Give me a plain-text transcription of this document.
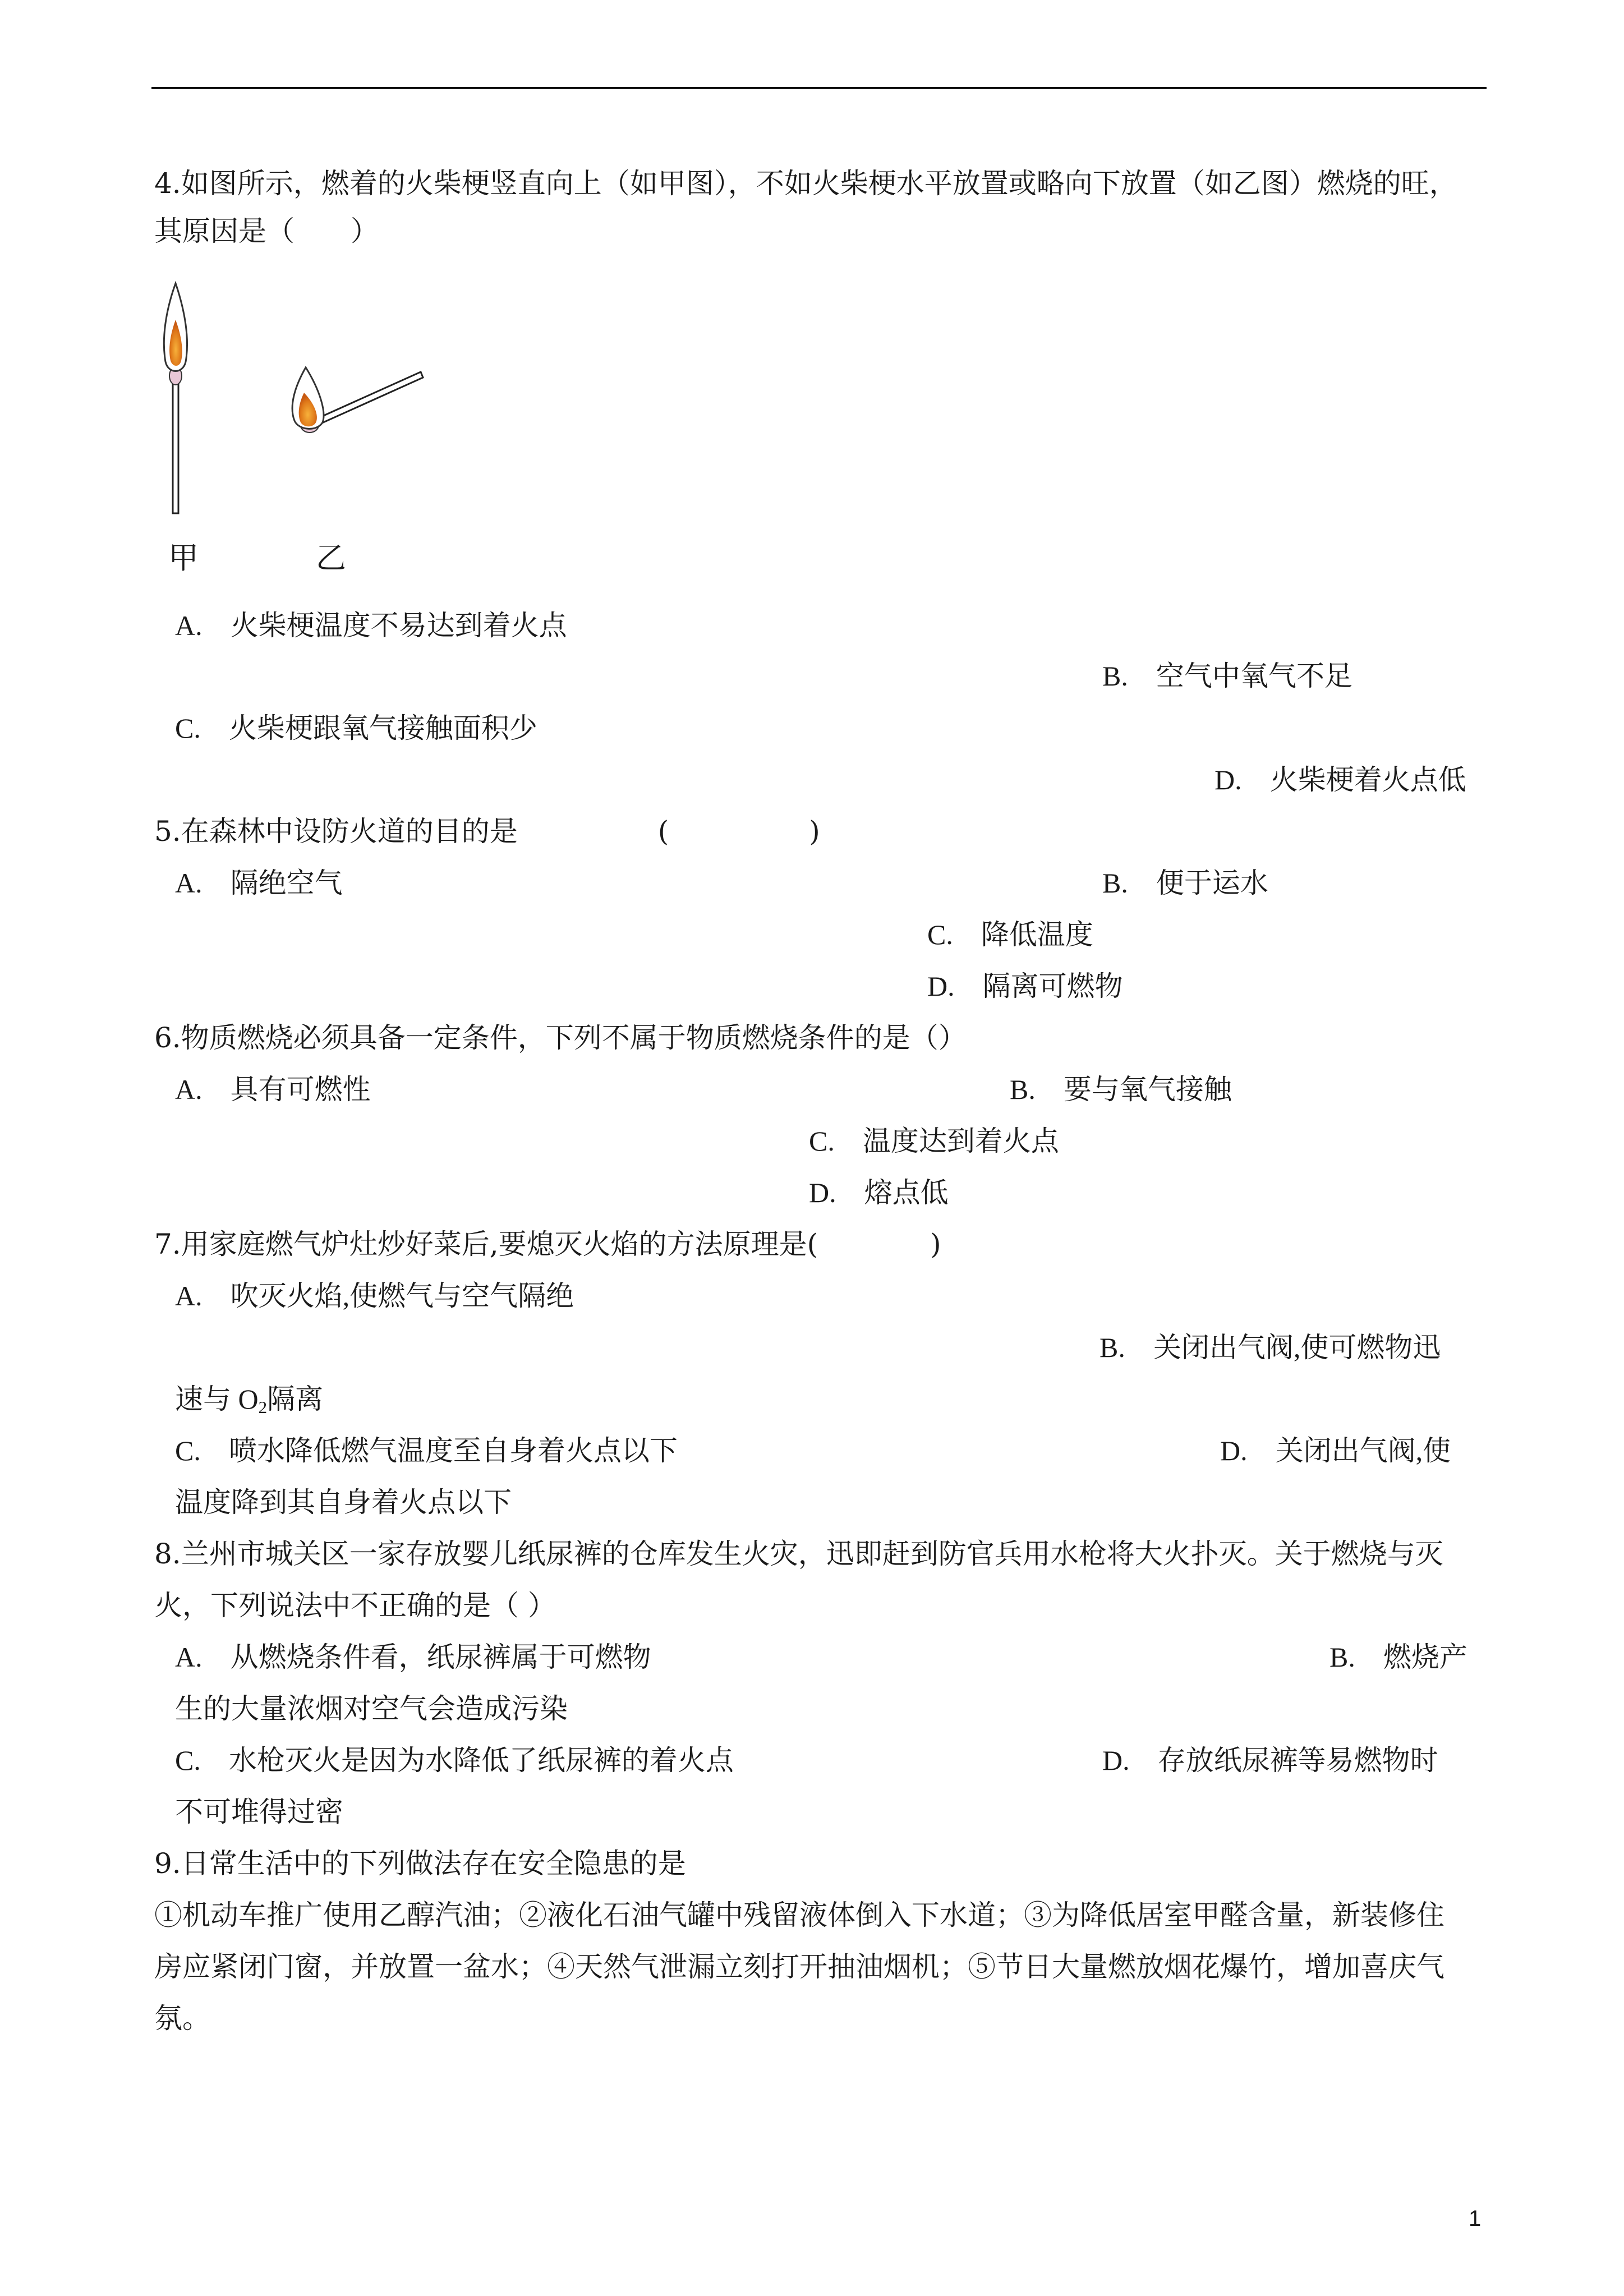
4.如图所示，燃着的火柴梗竖直向上（如甲图），不如火柴梗水平放置或略向下放置（如乙图）燃烧的旺，
其原因是（　　）
甲	乙
A.　火柴梗温度不易达到着火点
B.　空气中氧气不足
C.　火柴梗跟氧气接触面积少
D.　火柴梗着火点低
5.在森林中设防火道的目的是　　　　　(　　　　　)
A.　隔绝空气	B.　便于运水
C.　降低温度
D.　隔离可燃物
6.物质燃烧必须具备一定条件，下列不属于物质燃烧条件的是（）
A.　具有可燃性	B.　要与氧气接触
C.　温度达到着火点
D.　熔点低
7.用家庭燃气炉灶炒好菜后,要熄灭火焰的方法原理是(　　　　)
A.　吹灭火焰,使燃气与空气隔绝
B.　关闭出气阀,使可燃物迅
速与 $O_2$隔离
C.　喷水降低燃气温度至自身着火点以下	D.　关闭出气阀,使
温度降到其自身着火点以下
8.兰州市城关区一家存放婴儿纸尿裤的仓库发生火灾，迅即赶到防官兵用水枪将大火扑灭。关于燃烧与灭
火，下列说法中不正确的是（ ）
A.　从燃烧条件看，纸尿裤属于可燃物	B.　燃烧产
生的大量浓烟对空气会造成污染
C.　水枪灭火是因为水降低了纸尿裤的着火点	D.　存放纸尿裤等易燃物时
不可堆得过密
9.日常生活中的下列做法存在安全隐患的是
①机动车推广使用乙醇汽油；②液化石油气罐中残留液体倒入下水道；③为降低居室甲醛含量，新装修住
房应紧闭门窗，并放置一盆水；④天然气泄漏立刻打开抽油烟机；⑤节日大量燃放烟花爆竹，增加喜庆气
氛。
1
